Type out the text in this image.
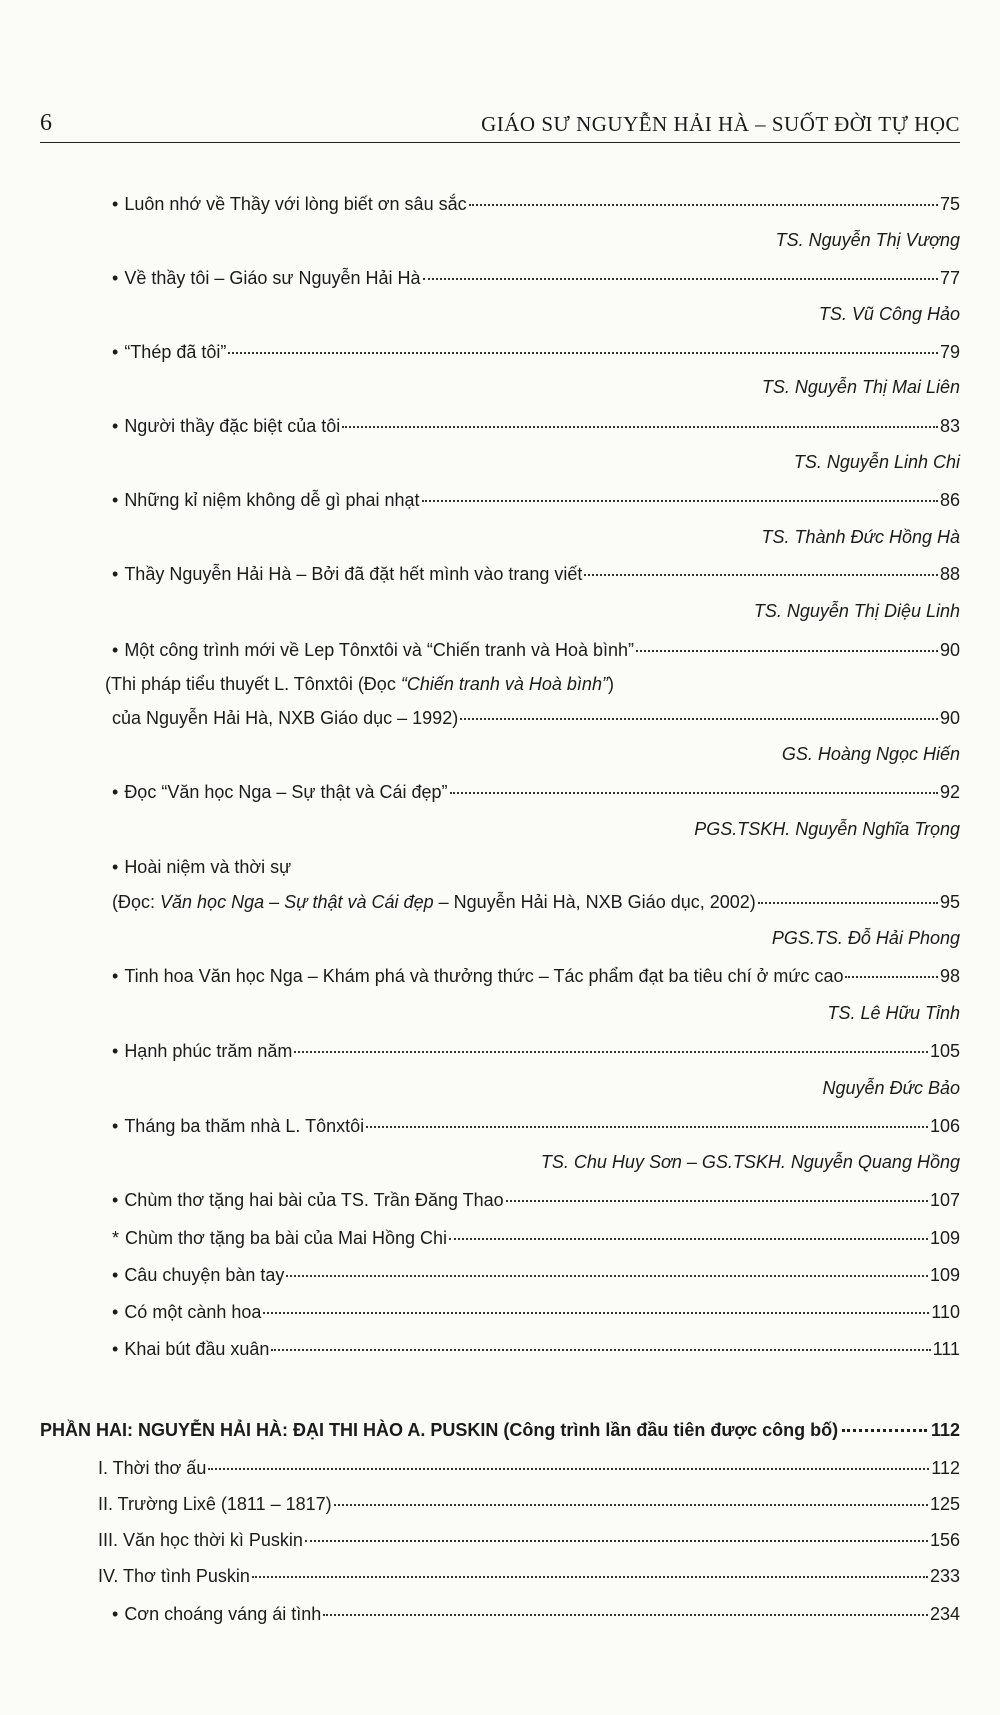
6	GIÁO SƯ NGUYỄN HẢI HÀ – SUỐT ĐỜI TỰ HỌC
• Luôn nhớ về Thầy với lòng biết ơn sâu sắc	75
TS. Nguyễn Thị Vượng
• Về thầy tôi – Giáo sư Nguyễn Hải Hà	77
TS. Vũ Công Hảo
• “Thép đã tôi”	79
TS. Nguyễn Thị Mai Liên
• Người thầy đặc biệt của tôi	83
TS. Nguyễn Linh Chi
• Những kỉ niệm không dễ gì phai nhạt	86
TS. Thành Đức Hồng Hà
• Thầy Nguyễn Hải Hà – Bởi đã đặt hết mình vào trang viết	88
TS. Nguyễn Thị Diệu Linh
• Một công trình mới về Lep Tônxtôi và “Chiến tranh và Hoà bình”	90
(Thi pháp tiểu thuyết L. Tônxtôi (Đọc “Chiến tranh và Hoà bình”)
của Nguyễn Hải Hà, NXB Giáo dục – 1992)	90
GS. Hoàng Ngọc Hiến
• Đọc “Văn học Nga – Sự thật và Cái đẹp”	92
PGS.TSKH. Nguyễn Nghĩa Trọng
• Hoài niệm và thời sự
(Đọc: Văn học Nga – Sự thật và Cái đẹp – Nguyễn Hải Hà, NXB Giáo dục, 2002)	95
PGS.TS. Đỗ Hải Phong
• Tinh hoa Văn học Nga – Khám phá và thưởng thức – Tác phẩm đạt ba tiêu chí ở mức cao	98
TS. Lê Hữu Tỉnh
• Hạnh phúc trăm năm	105
Nguyễn Đức Bảo
• Tháng ba thăm nhà L. Tônxtôi	106
TS. Chu Huy Sơn – GS.TSKH. Nguyễn Quang Hồng
• Chùm thơ tặng hai bài của TS. Trần Đăng Thao	107
* Chùm thơ tặng ba bài của Mai Hồng Chi	109
• Câu chuyện bàn tay	109
• Có một cành hoa	110
• Khai bút đầu xuân	111
PHẦN HAI: NGUYỄN HẢI HÀ: ĐẠI THI HÀO A. PUSKIN (Công trình lần đầu tiên được công bố)	112
I. Thời thơ ấu	112
II. Trường Lixê (1811 – 1817)	125
III. Văn học thời kì Puskin	156
IV. Thơ tình Puskin	233
• Cơn choáng váng ái tình	234
